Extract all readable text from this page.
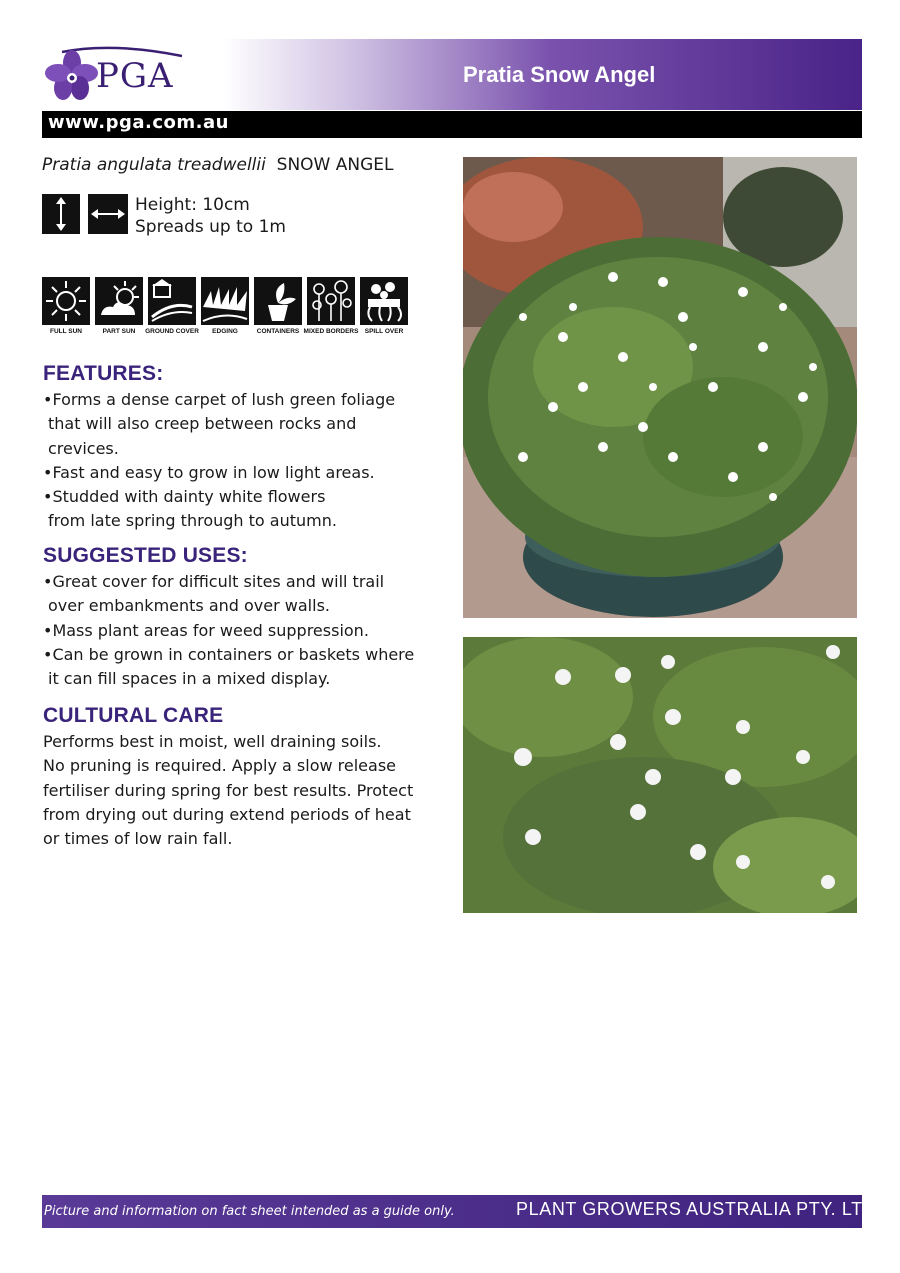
PGA	Pratia Snow Angel
www.pga.com.au
Pratia angulata treadwellii SNOW ANGEL
Height: 10cm
Spreads up to 1m
FULL SUN	PART SUN	GROUND COVER	EDGING	CONTAINERS MIXED BORDERS SPILL OVER
FEATURES:
•Forms a dense carpet of lush green foliage
that will also creep between rocks and
crevices.
•Fast and easy to grow in low light areas.
•Studded with dainty white flowers
from late spring through to autumn.
SUGGESTED USES:
•Great cover for difficult sites and will trail
over embankments and over walls.
•Mass plant areas for weed suppression.
•Can be grown in containers or baskets where
it can fill spaces in a mixed display.
CULTURAL CARE
Performs best in moist, well draining soils.
No pruning is required. Apply a slow release
fertiliser during spring for best results. Protect
from drying out during extend periods of heat
or times of low rain fall.
Picture and information on fact sheet intended as a guide only.	PLANT GROWERS AUSTRALIA PTY. LTD.
